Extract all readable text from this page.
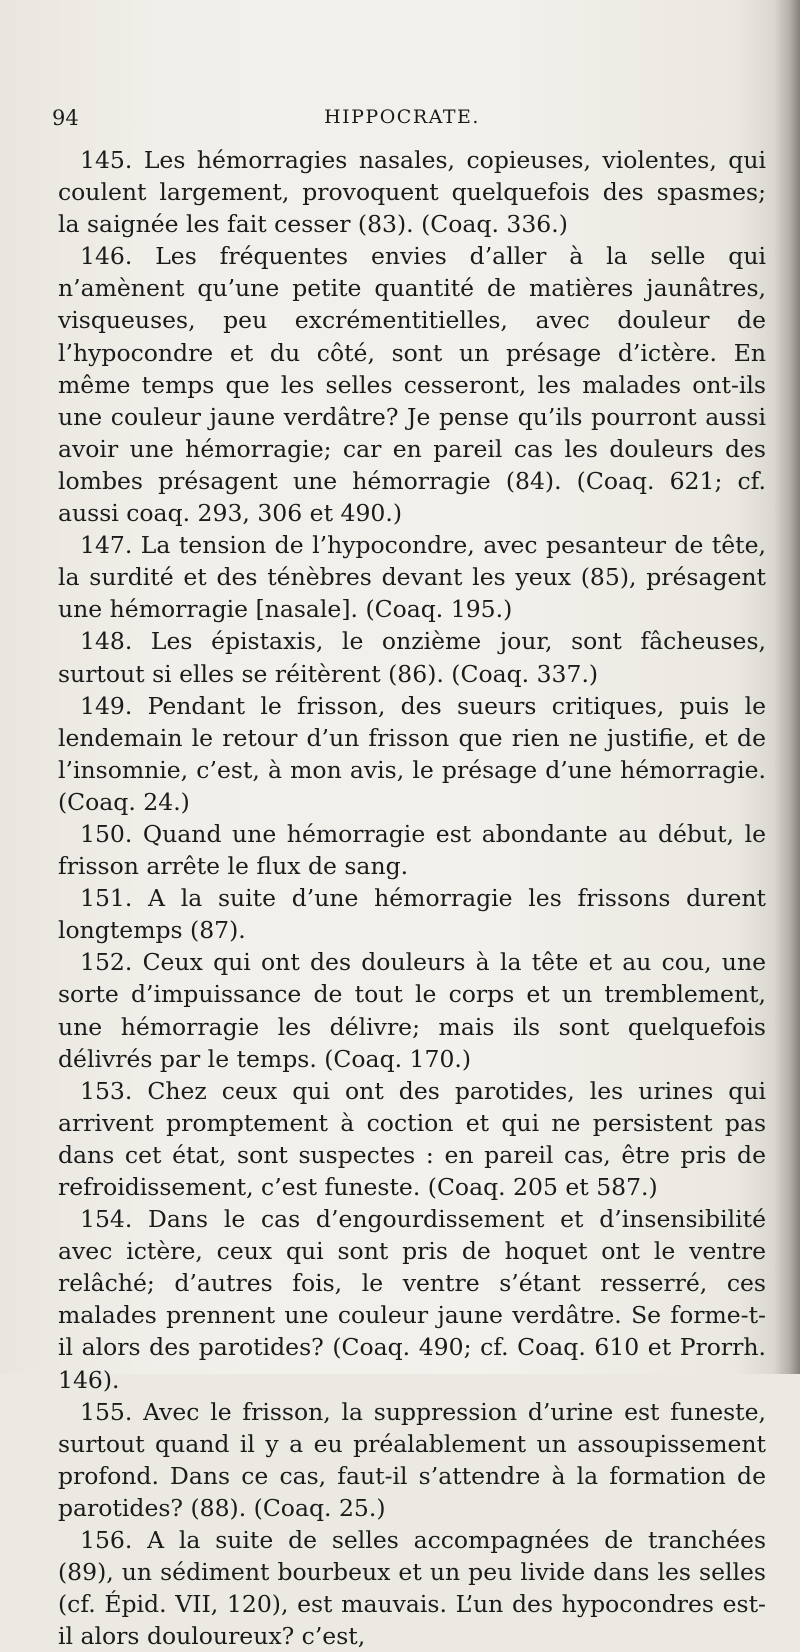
94	HIPPOCRATE.

145. Les hémorragies nasales, copieuses, violentes, qui coulent largement, provoquent quelquefois des spasmes; la saignée les fait cesser (83). (Coaq. 336.)

146. Les fréquentes envies d’aller à la selle qui n’amènent qu’une petite quantité de matières jaunâtres, visqueuses, peu excrémentitielles, avec douleur de l’hypocondre et du côté, sont un présage d’ictère. En même temps que les selles cesseront, les malades ont-ils une couleur jaune verdâtre? Je pense qu’ils pourront aussi avoir une hémorragie; car en pareil cas les douleurs des lombes présagent une hémorragie (84). (Coaq. 621; cf. aussi coaq. 293, 306 et 490.)

147. La tension de l’hypocondre, avec pesanteur de tête, la surdité et des ténèbres devant les yeux (85), présagent une hémorragie [nasale]. (Coaq. 195.)

148. Les épistaxis, le onzième jour, sont fâcheuses, surtout si elles se réitèrent (86). (Coaq. 337.)

149. Pendant le frisson, des sueurs critiques, puis le lendemain le retour d’un frisson que rien ne justifie, et de l’insomnie, c’est, à mon avis, le présage d’une hémorragie. (Coaq. 24.)

150. Quand une hémorragie est abondante au début, le frisson arrête le flux de sang.

151. A la suite d’une hémorragie les frissons durent longtemps (87).

152. Ceux qui ont des douleurs à la tête et au cou, une sorte d’impuissance de tout le corps et un tremblement, une hémorragie les délivre; mais ils sont quelquefois délivrés par le temps. (Coaq. 170.)

153. Chez ceux qui ont des parotides, les urines qui arrivent promptement à coction et qui ne persistent pas dans cet état, sont suspectes : en pareil cas, être pris de refroidissement, c’est funeste. (Coaq. 205 et 587.)

154. Dans le cas d’engourdissement et d’insensibilité avec ictère, ceux qui sont pris de hoquet ont le ventre relâché; d’autres fois, le ventre s’étant resserré, ces malades prennent une couleur jaune verdâtre. Se forme-t-il alors des parotides? (Coaq. 490; cf. Coaq. 610 et Prorrh. 146).

155. Avec le frisson, la suppression d’urine est funeste, surtout quand il y a eu préalablement un assoupissement profond. Dans ce cas, faut-il s’attendre à la formation de parotides? (88). (Coaq. 25.)

156. A la suite de selles accompagnées de tranchées (89), un sédiment bourbeux et un peu livide dans les selles (cf. Épid. VII, 120), est mauvais. L’un des hypocondres est-il alors douloureux? c’est,
